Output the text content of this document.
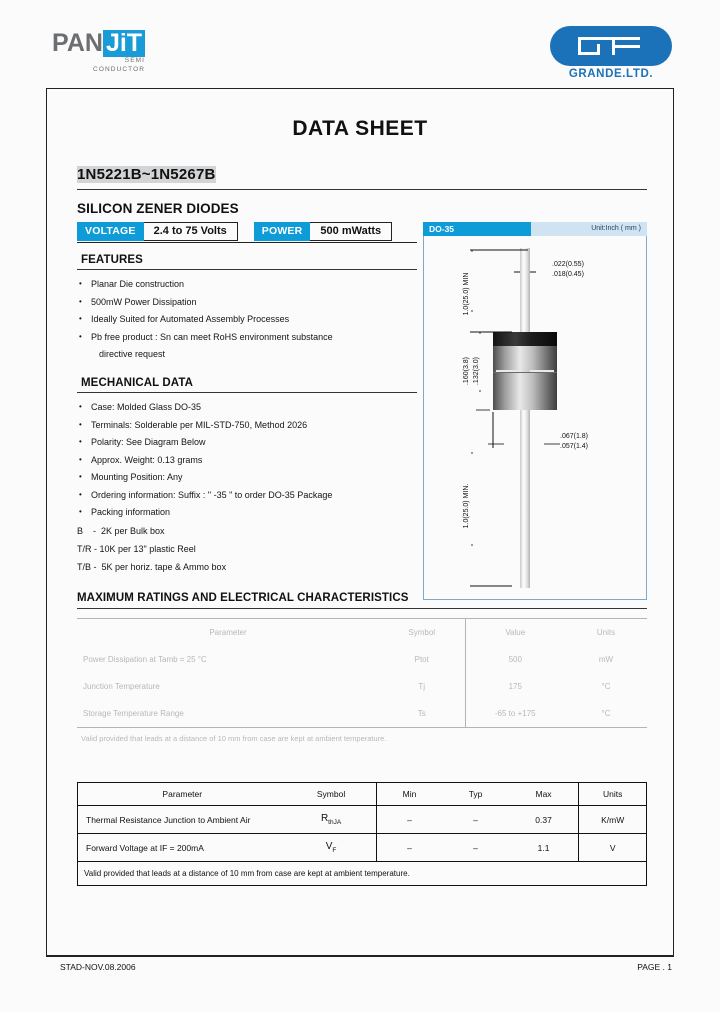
PAN JiT
SEMI
CONDUCTOR	GRANDE.LTD.
DATA SHEET
1N5221B~1N5267B
SILICON ZENER DIODES
VOLTAGE	2.4 to 75 Volts	POWER	500 mWatts	DO-35	Unit:Inch ( mm )
1.0(25.0) MIN
.022(0.55)
.018(0.45)
.160(3.8) .132(3.0)
.067(1.8)
.057(1.4)
1.0(25.0) MIN.
FEATURES
• Planar Die construction
• 500mW Power Dissipation
• Ideally Suited for Automated Assembly Processes
• Pb free product : Sn can meet RoHS environment substance
directive request
MECHANICAL DATA
• Case: Molded Glass DO-35
• Terminals: Solderable per MIL-STD-750, Method 2026
• Polarity: See Diagram Below
• Approx. Weight: 0.13 grams
• Mounting Position: Any
• Ordering information: Suffix : " -35 " to order DO-35 Package
• Packing information
B    -  2K per Bulk box
T/R - 10K per 13" plastic Reel
T/B -  5K per horiz. tape & Ammo box
MAXIMUM RATINGS AND ELECTRICAL CHARACTERISTICS
Parameter	Symbol	Value	Units
Power Dissipation at Tamb = 25 °C	Ptot	500	mW
Junction Temperature	Tj	175	°C
Storage Temperature Range	Ts	-65 to +175	°C
Valid provided that leads at a distance of 10 mm from case are kept at ambient temperature.			
Parameter	Symbol	Min	Typ	Max	Units
Thermal Resistance Junction to Ambient Air	$R_{thJA}$	–	–	0.37	K/mW
Forward Voltage at IF = 200mA	$V_F$	–	–	1.1	V
Valid provided that leads at a distance of 10 mm from case are kept at ambient temperature.					
STAD-NOV.08.2006	PAGE . 1
